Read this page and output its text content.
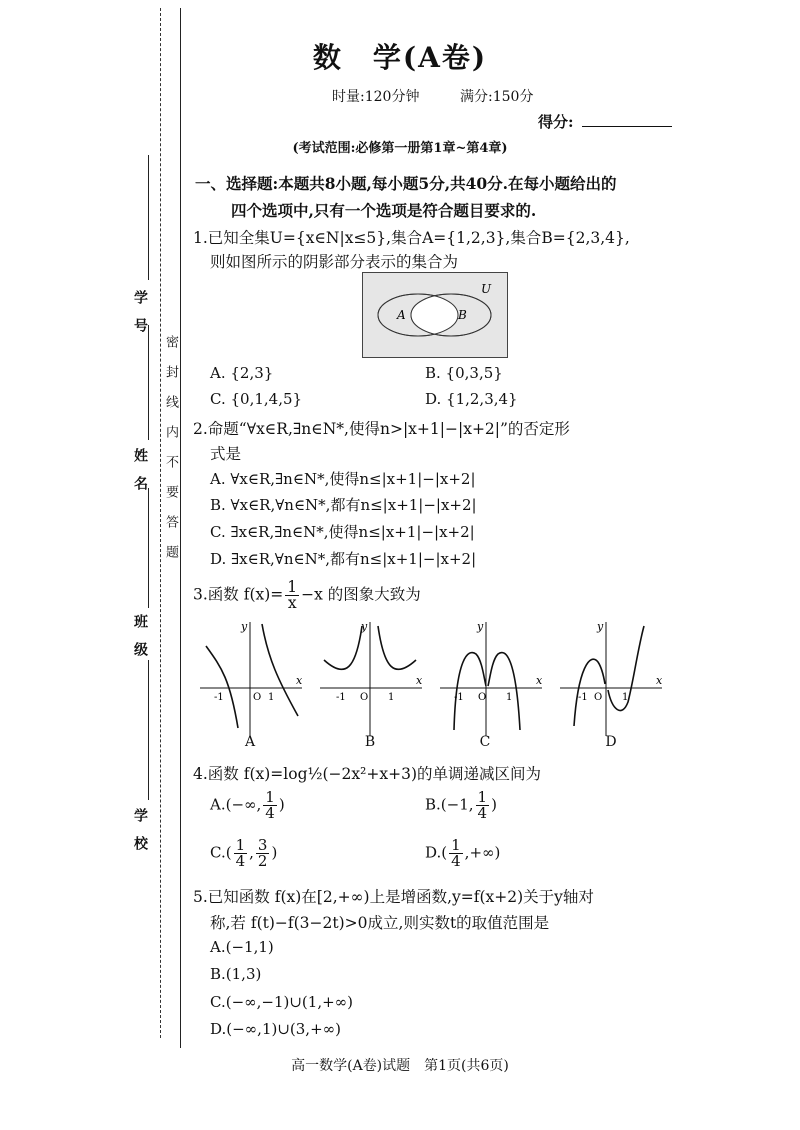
学　校
班　级
姓　名
学　号
密　封　线　内　不　要　答　题
数　学(A卷)
时量:120分钟	满分:150分
得分:
(考试范围:必修第一册第1章~第4章)
一、选择题:本题共8小题,每小题5分,共40分.在每小题给出的
四个选项中,只有一个选项是符合题目要求的.
1.已知全集U={x∈N|x≤5},集合A={1,2,3},集合B={2,3,4},
则如图所示的阴影部分表示的集合为
U
A	B
A. {2,3}	B. {0,3,5}
C. {0,1,4,5}	D. {1,2,3,4}
2.命题“∀x∈R,∃n∈N*,使得n>|x+1|−|x+2|”的否定形
式是
A. ∀x∈R,∃n∈N*,使得n≤|x+1|−|x+2|
B. ∀x∈R,∀n∈N*,都有n≤|x+1|−|x+2|
C. ∃x∈R,∃n∈N*,使得n≤|x+1|−|x+2|
D. ∃x∈R,∀n∈N*,都有n≤|x+1|−|x+2|
3.函数 $f(x)= \frac{1}{x} -x$ 的图象大致为
y
x
-1	O 1
y
x
-1 O 1
y
x
-1 O 1
y
x
-1 O 1
A	B	C	D
4.函数 f(x)=log½(−2x²+x+3)的单调递减区间为
A.(−∞, $\frac{1}{4}$ )	B.(−1, $\frac{1}{4}$ )
$C.( \frac{1}{4}$ , $\frac{3}{2}$ )	$D.( \frac{1}{4}$ ,+∞)
5.已知函数 f(x)在[2,+∞)上是增函数,y=f(x+2)关于y轴对
称,若 f(t)−f(3−2t)>0成立,则实数t的取值范围是
A.(−1,1)
B.(1,3)
C.(−∞,−1)∪(1,+∞)
D.(−∞,1)∪(3,+∞)
高一数学(A卷)试题　第1页(共6页)
